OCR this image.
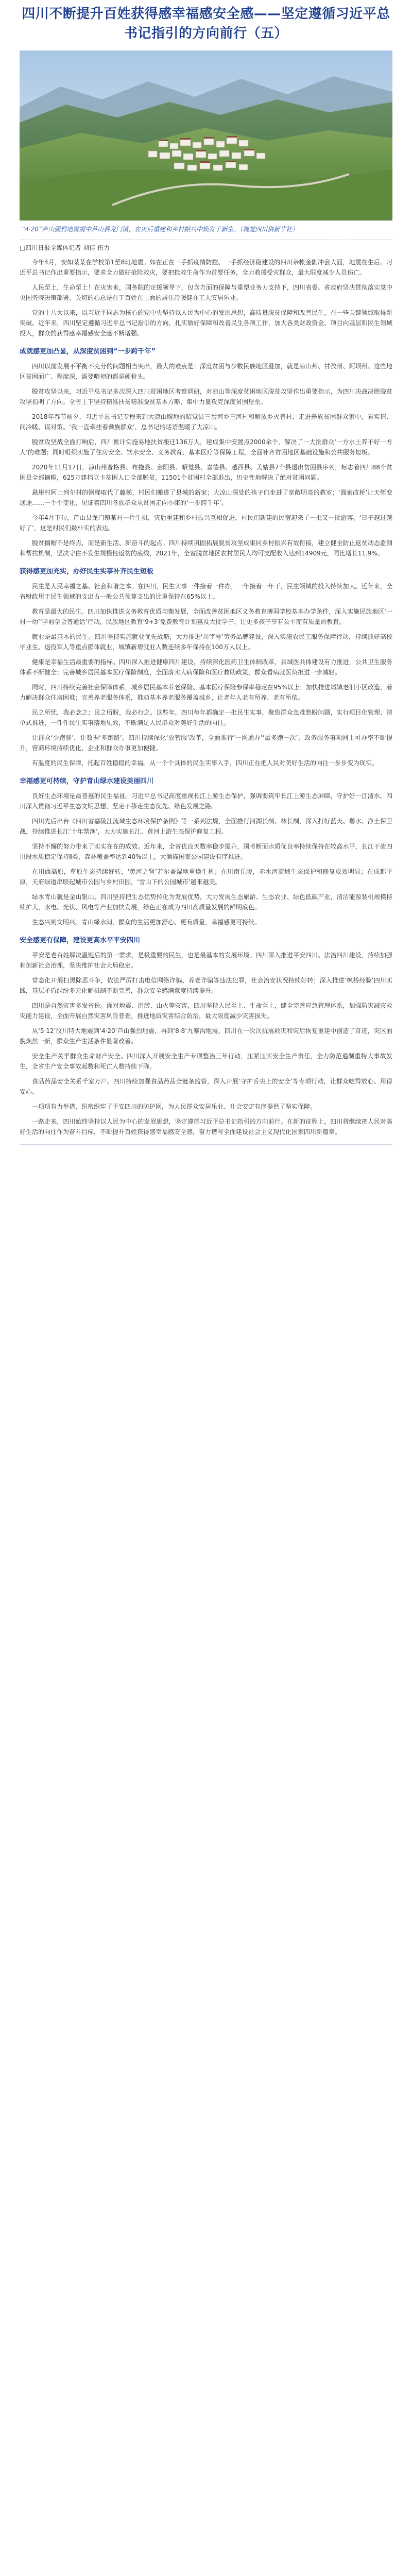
四川不断提升百姓获得感幸福感安全感——坚定遵循习近平总书记指引的方向前行（五）

“4·20”芦山强烈地震震中芦山县龙门镇，在灾后重建和乡村振兴中焕发了新生。（视觉四川供新华社）

□四川日报全媒体记者 刘佳 伍力

今年4月，安如某某在学校第1至8班地震。如在正在一手抓疫情防控、一手抓经济稳建设的四川亲帐金副冲会大面，地震在生后。习近平总书记作出重要指示，要求全力做好抢险救灾，要把抢救生命作为首要任务，全力救援受灾群众，最大限度减少人员伤亡。

人民至上，生命至上！在灾害来，国务院的定援领导下，包含方面的保障与重塑业务力支持下，四川省委、省政府坚决贯彻落实党中央国务院决策部署，关切的心总是在于百姓在上面的居住冷暖健在工人安居乐业。

党的十八大以来，以习近平同志为核心的党中央坚持以人民为中心的发展思想，高质量脱贫保障和改善民生，在一些关键领域取得新突破。近年来，四川坚定遵循习近平总书记指引的方向，扎实做好保障和改善民生各项工作，加大各类财政资金、项目向基层和民生领域投入，群众的获得感幸福感安全感不断增强。

成就感更加凸显，从深度贫困到“一步跨千年”

四川以前发展不平衡不充分的问题相当突出，最大的难点是：深度贫困与少数民族地区叠加，就是凉山州、甘孜州、阿坝州。这些地区贫困面广、程度深，需要啃掉的都是硬骨头。

脱贫攻坚以来，习近平总书记多次深入四川贫困地区考察调研，对凉山等深度贫困地区脱贫攻坚作出重要指示，为四川决战决胜脱贫攻坚指明了方向。全省上下坚持精准扶贫精准脱贫基本方略，集中力量攻克深度贫困堡垒。

2018年春节前夕，习近平总书记专程来到大凉山腹地的昭觉县三岔河乡三河村和解放乡火普村，走进彝族贫困群众家中，看实情、问冷暖、谋对策。‘我一直牵挂着彝族群众’，总书记的话语温暖了大凉山。

脱贫攻坚战全面打响后，四川累计实施易地扶贫搬迁136万人，建成集中安置点2000余个，解决了一大批群众‘一方水土养不好一方人’的难题；同时组织实施了住房安全、饮水安全、义务教育、基本医疗等保障工程，全面补齐贫困地区基础设施和公共服务短板。

2020年11月17日，凉山州普格县、布拖县、金阳县、昭觉县、喜德县、越西县、美姑县7个县退出贫困县序列，标志着四川88个贫困县全部摘帽，625万建档立卡贫困人口全部脱贫，11501个贫困村全部退出，历史性地解决了绝对贫困问题。

悬崖村阿土列尔村的钢梯取代了藤梯，村民们搬进了县城的新家；大凉山深处的孩子们坐进了宽敞明亮的教室；‘溜索改桥’让天堑变通途……一个个变化，见证着四川各族群众从贫困走向小康的‘一步跨千年’。

今年4月下旬，芦山县龙门镇某村一片生机，灾后重建和乡村振兴互相促进，村民们新建的民宿迎来了一批又一批游客。‘日子越过越好了’，这是村民们最朴实的表达。

脱贫摘帽不是终点，而是新生活、新奋斗的起点。四川持续巩固拓展脱贫攻坚成果同乡村振兴有效衔接，建立健全防止返贫动态监测和帮扶机制，坚决守住不发生规模性返贫的底线，2021年，全省脱贫地区农村居民人均可支配收入达到14909元，同比增长11.9%。

获得感更加充实，办好民生实事补齐民生短板

民生是人民幸福之基、社会和谐之本。在四川，民生实事一件接着一件办，一年接着一年干，民生领域的投入持续加大。近年来，全省财政用于民生领域的支出占一般公共预算支出的比重保持在65%以上。

教育是最大的民生。四川加快推进义务教育优质均衡发展，全面改善贫困地区义务教育薄弱学校基本办学条件，深入实施民族地区‘一村一幼’‘学前学会普通话’行动，民族地区教育‘9+3’免费教育计划惠及大批学子，让更多孩子享有公平而有质量的教育。

就业是最基本的民生。四川坚持实施就业优先战略，大力推进‘川字号’劳务品牌建设，深入实施农民工服务保障行动，持续抓好高校毕业生、退役军人等重点群体就业，城镇新增就业人数连续多年保持在100万人以上。

健康是幸福生活最重要的指标。四川深入推进健康四川建设，持续深化医药卫生体制改革，县域医共体建设有力推进，公共卫生服务体系不断健全；完善城乡居民基本医疗保险制度，全面落实大病保险和医疗救助政策，群众看病就医负担进一步减轻。

同时，四川持续完善社会保障体系，城乡居民基本养老保险、基本医疗保险参保率稳定在95%以上；加快推进城镇老旧小区改造，着力解决群众住房困难；完善养老服务体系，推动基本养老服务覆盖城乡，让老年人老有所养、老有所依。

民之所忧，我必念之；民之所盼，我必行之。这些年，四川每年都确定一批民生实事，聚焦群众急难愁盼问题，实行项目化管理、清单式推进，一件件民生实事落地见效，不断满足人民群众对美好生活的向往。

让群众‘少跑腿’，让数据‘多跑路’。四川持续深化‘放管服’改革，全面推行‘一网通办’‘最多跑一次’，政务服务事项网上可办率不断提升，营商环境持续优化，企业和群众办事更加便捷。

有温度的民生保障，托起百姓稳稳的幸福。从一个个具体的民生实事入手，四川正在把人民对美好生活的向往一步步变为现实。

幸福感更可持续，守护青山绿水建设美丽四川

良好生态环境是最普惠的民生福祉。习近平总书记高度重视长江上游生态保护，强调要筑牢长江上游生态屏障，守护好一江清水。四川深入贯彻习近平生态文明思想，坚定不移走生态优先、绿色发展之路。

四川先后出台《四川省嘉陵江流域生态环境保护条例》等一系列法规，全面推行河湖长制、林长制，深入打好蓝天、碧水、净土保卫战，持续推进长江‘十年禁渔’，大力实施长江、黄河上游生态保护修复工程。

坚持不懈的努力带来了实实在在的成效。近年来，全省优良天数率稳步提升，国考断面水质优良率持续保持在较高水平，长江干流四川段水质稳定保持Ⅱ类，森林覆盖率达到40%以上，大熊猫国家公园建设有序推进。

在川西高原，草原生态持续好转，‘黄河之肾’若尔盖湿地重焕生机；在川南丘陵，赤水河流域生态保护和修复成效明显；在成都平原，天府绿道串联起城市公园与乡村田园，‘雪山下的公园城市’越来越美。

绿水青山就是金山银山。四川坚持把生态优势转化为发展优势，大力发展生态旅游、生态农业、绿色低碳产业，清洁能源装机规模持续扩大，水电、光伏、风电等产业加快发展，绿色正在成为四川高质量发展的鲜明底色。

生态兴则文明兴。青山绿水间，群众的生活更加舒心、更有质量，幸福感更可持续。

安全感更有保障，建设更高水平平安四川

平安是老百姓解决温饱后的第一需求，是极重要的民生，也是最基本的发展环境。四川深入推进平安四川、法治四川建设，持续加强和创新社会治理，坚决维护社会大局稳定。

常态化开展扫黑除恶斗争，依法严厉打击电信网络诈骗、养老诈骗等违法犯罪，社会治安状况持续好转；深入推进‘枫桥经验’四川实践，基层矛盾纠纷多元化解机制不断完善，群众安全感满意度持续提升。

四川是自然灾害多发省份。面对地震、洪涝、山火等灾害，四川坚持人民至上、生命至上，健全完善应急管理体系，加强防灾减灾救灾能力建设，全面开展自然灾害风险普查，推进地质灾害综合防治，最大限度减少灾害损失。

从‘5·12’汶川特大地震到‘4·20’芦山强烈地震，再到‘8·8’九寨沟地震，四川在一次次抗震救灾和灾后恢复重建中创造了奇迹，灾区面貌焕然一新，群众生产生活条件显著改善。

安全生产关乎群众生命财产安全。四川深入开展安全生产专项整治三年行动，压紧压实安全生产责任，全力防范遏制重特大事故发生，全省生产安全事故起数和死亡人数持续下降。

食品药品安全关系千家万户。四川持续加强食品药品全链条监管，深入开展‘守护舌尖上的安全’等专项行动，让群众吃得放心、用得安心。

一项项有力举措，织密织牢了平安四川的防护网，为人民群众安居乐业、社会安定有序提供了坚实保障。

一路走来，四川始终坚持以人民为中心的发展思想，坚定遵循习近平总书记指引的方向前行。在新的征程上，四川将继续把人民对美好生活的向往作为奋斗目标，不断提升百姓获得感幸福感安全感，奋力谱写全面建设社会主义现代化国家四川新篇章。
